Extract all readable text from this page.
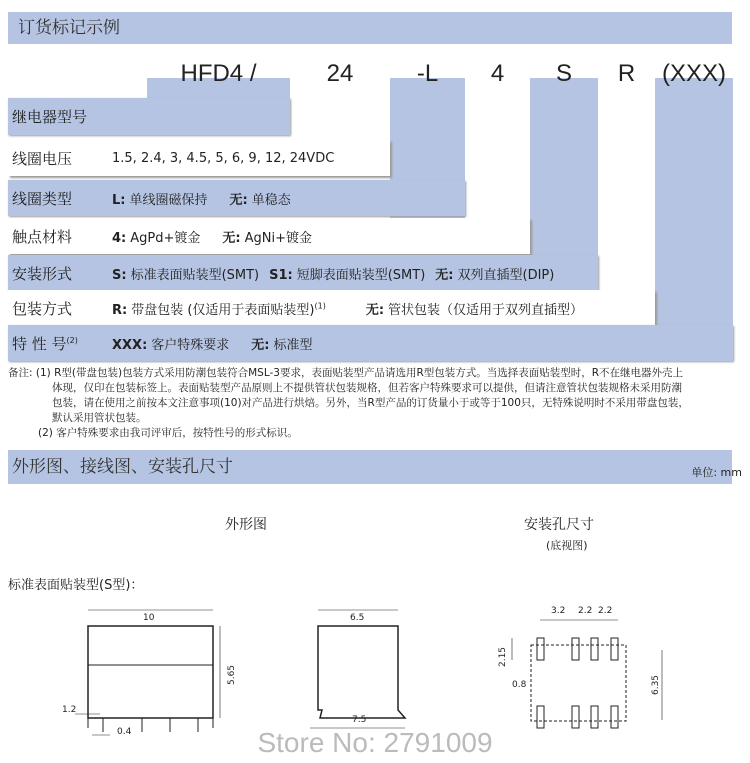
订货标记示例
HFD4 /	24	-L	4	S	R	(XXX)
继电器型号
线圈电压	1.5, 2.4, 3, 4.5, 5, 6, 9, 12, 24VDC
线圈类型	L: 单线圈磁保持 无: 单稳态
触点材料	4: AgPd+镀金 无: AgNi+镀金
安装形式	S: 标准表面贴装型(SMT) S1: 短脚表面贴装型(SMT) 无: 双列直插型(DIP)
包装方式	R: 带盘包装 (仅适用于表面贴装型)$^{(1)}$	无: 管状包装（仅适用于双列直插型）
特 性 号$^{(2)}$	XXX: 客户特殊要求 无: 标准型
备注: (1) R型(带盘包装)包装方式采用防潮包装符合MSL-3要求，表面贴装型产品请选用R型包装方式。当选择表面贴装型时，R不在继电器外壳上
体现，仅印在包装标签上。表面贴装型产品原则上不提供管状包装规格，但若客户特殊要求可以提供，但请注意管状包装规格未采用防潮
包装，请在使用之前按本文注意事项(10)对产品进行烘焙。另外，当R型产品的订货量小于或等于100只，无特殊说明时不采用带盘包装，
默认采用管状包装。
(2) 客户特殊要求由我司评审后，按特性号的形式标识。
外形图、接线图、安装孔尺寸	单位: mm
外形图	安装孔尺寸
(底视图)
标准表面贴装型(S型)：
10
5.65
1.2
0.4
6.5
7.5
3.2 2.2 2.2
2.15
0.8	6.35
Store No: 2791009
